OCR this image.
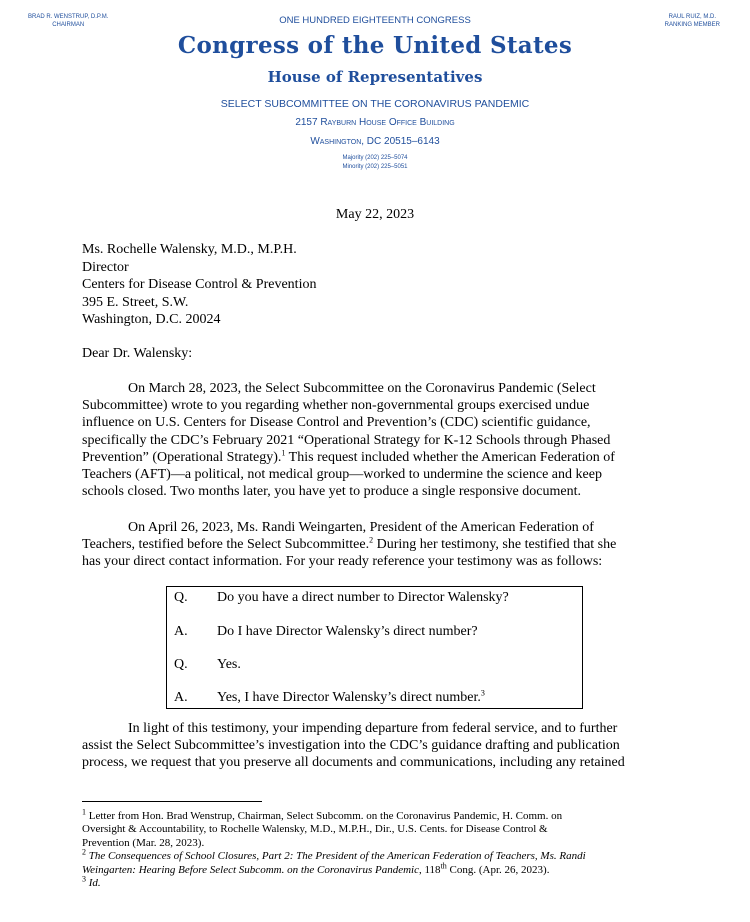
BRAD R. WENSTRUP, D.P.M.
CHAIRMAN
RAUL RUIZ, M.D.
RANKING MEMBER
ONE HUNDRED EIGHTEENTH CONGRESS
Congress of the United States
House of Representatives
SELECT SUBCOMMITTEE ON THE CORONAVIRUS PANDEMIC
2157 Rayburn House Office Building
Washington, DC 20515–6143
Majority (202) 225–5074
Minority (202) 225–5051
May 22, 2023
Ms. Rochelle Walensky, M.D., M.P.H.
Director
Centers for Disease Control & Prevention
395 E. Street, S.W.
Washington, D.C. 20024
Dear Dr. Walensky:
On March 28, 2023, the Select Subcommittee on the Coronavirus Pandemic (Select
Subcommittee) wrote to you regarding whether non-governmental groups exercised undue
influence on U.S. Centers for Disease Control and Prevention’s (CDC) scientific guidance,
specifically the CDC’s February 2021 “Operational Strategy for K-12 Schools through Phased
Prevention” (Operational Strategy).$^1$ This request included whether the American Federation of
Teachers (AFT)—a political, not medical group—worked to undermine the science and keep
schools closed. Two months later, you have yet to produce a single responsive document.
On April 26, 2023, Ms. Randi Weingarten, President of the American Federation of
Teachers, testified before the Select Subcommittee.$^2$ During her testimony, she testified that she
has your direct contact information. For your ready reference your testimony was as follows:
Q. Do you have a direct number to Director Walensky?
A. Do I have Director Walensky’s direct number?
Q. Yes.
A. Yes, I have Director Walensky’s direct number.$^3$
In light of this testimony, your impending departure from federal service, and to further
assist the Select Subcommittee’s investigation into the CDC’s guidance drafting and publication
process, we request that you preserve all documents and communications, including any retained
$^1$ Letter from Hon. Brad Wenstrup, Chairman, Select Subcomm. on the Coronavirus Pandemic, H. Comm. on
Oversight & Accountability, to Rochelle Walensky, M.D., M.P.H., Dir., U.S. Cents. for Disease Control &
Prevention (Mar. 28, 2023).
$^2$ The Consequences of School Closures, Part 2: The President of the American Federation of Teachers, Ms. Randi
Weingarten: Hearing Before Select Subcomm. on the Coronavirus Pandemic, 118th Cong. (Apr. 26, 2023).
$^3$ Id.
